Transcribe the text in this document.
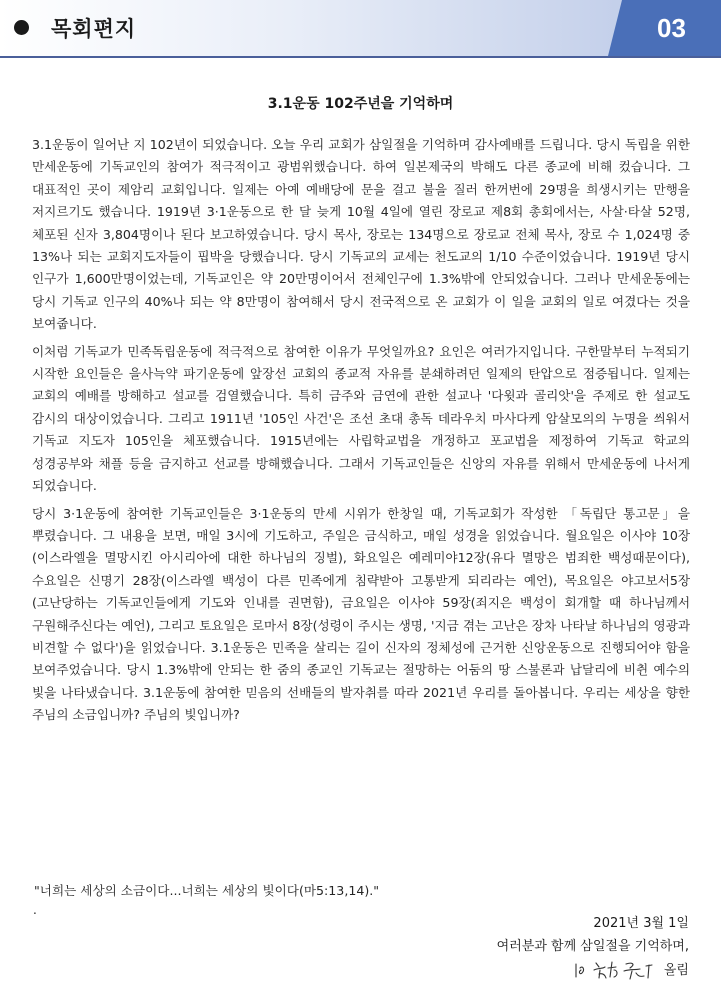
목회편지	03
3.1운동 102주년을 기억하며

3.1운동이 일어난 지 102년이 되었습니다. 오늘 우리 교회가 삼일절을 기억하며 감사예배를 드립니다. 당시 독립을 위한 만세운동에 기독교인의 참여가 적극적이고 광범위했습니다. 하여 일본제국의 박해도 다른 종교에 비해 컸습니다. 그 대표적인 곳이 제암리 교회입니다. 일제는 아예 예배당에 문을 걸고 불을 질러 한꺼번에 29명을 희생시키는 만행을 저지르기도 했습니다. 1919년 3·1운동으로 한 달 늦게 10월 4일에 열린 장로교 제8회 총회에서는, 사살·타살 52명, 체포된 신자 3,804명이나 된다 보고하였습니다. 당시 목사, 장로는 134명으로 장로교 전체 목사, 장로 수 1,024명 중 13%나 되는 교회지도자들이 핍박을 당했습니다. 당시 기독교의 교세는 천도교의 1/10 수준이었습니다. 1919년 당시 인구가 1,600만명이었는데, 기독교인은 약 20만명이어서 전체인구에 1.3%밖에 안되었습니다. 그러나 만세운동에는 당시 기독교 인구의 40%나 되는 약 8만명이 참여해서 당시 전국적으로 온 교회가 이 일을 교회의 일로 여겼다는 것을 보여줍니다.

이처럼 기독교가 민족독립운동에 적극적으로 참여한 이유가 무엇일까요? 요인은 여러가지입니다. 구한말부터 누적되기 시작한 요인들은 을사늑약 파기운동에 앞장선 교회의 종교적 자유를 분쇄하려던 일제의 탄압으로 점증됩니다. 일제는 교회의 예배를 방해하고 설교를 검열했습니다. 특히 금주와 금연에 관한 설교나 '다윗과 골리앗'을 주제로 한 설교도 감시의 대상이었습니다. 그리고 1911년 '105인 사건'은 조선 초대 총독 데라우치 마사다케 암살모의의 누명을 씌워서 기독교 지도자 105인을 체포했습니다. 1915년에는 사립학교법을 개정하고 포교법을 제정하여 기독교 학교의 성경공부와 채플 등을 금지하고 선교를 방해했습니다. 그래서 기독교인들은 신앙의 자유를 위해서 만세운동에 나서게 되었습니다.

당시 3·1운동에 참여한 기독교인들은 3·1운동의 만세 시위가 한창일 때, 기독교회가 작성한 「독립단 통고문」을 뿌렸습니다. 그 내용을 보면, 매일 3시에 기도하고, 주일은 금식하고, 매일 성경을 읽었습니다. 월요일은 이사야 10장(이스라엘을 멸망시킨 아시리아에 대한 하나님의 징벌), 화요일은 예레미야12장(유다 멸망은 범죄한 백성때문이다), 수요일은 신명기 28장(이스라엘 백성이 다른 민족에게 침략받아 고통받게 되리라는 예언), 목요일은 야고보서5장(고난당하는 기독교인들에게 기도와 인내를 권면함), 금요일은 이사야 59장(죄지은 백성이 회개할 때 하나님께서 구원해주신다는 예언), 그리고 토요일은 로마서 8장(성령이 주시는 생명, '지금 겪는 고난은 장차 나타날 하나님의 영광과 비견할 수 없다')을 읽었습니다. 3.1운동은 민족을 살리는 길이 신자의 정체성에 근거한 신앙운동으로 진행되어야 함을 보여주었습니다. 당시 1.3%밖에 안되는 한 줌의 종교인 기독교는 절망하는 어둠의 땅 스불론과 납달리에 비췬 예수의 빛을 나타냈습니다. 3.1운동에 참여한 믿음의 선배들의 발자취를 따라 2021년 우리를 돌아봅니다. 우리는 세상을 향한 주님의 소금입니까? 주님의 빛입니까?

"너희는 세상의 소금이다...너희는 세상의 빛이다(마5:13,14)."
.
2021년 3월 1일
여러분과 함께 삼일절을 기억하며,
올림
